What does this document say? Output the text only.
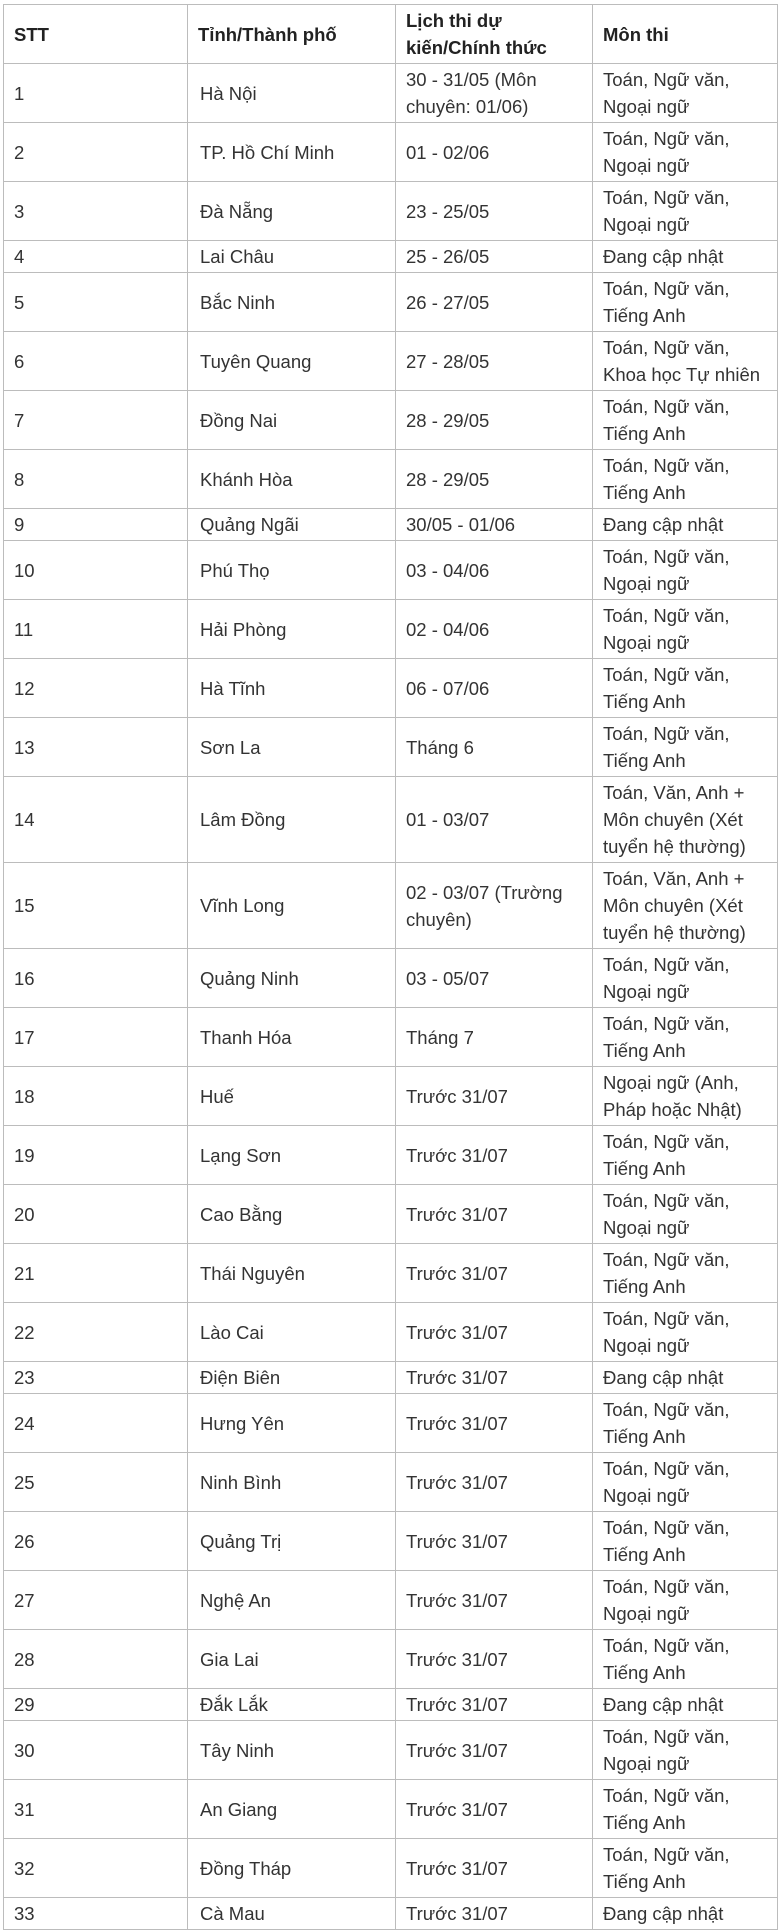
STT	Tỉnh/Thành phố	Lịch thi dự kiến/Chính thức	Môn thi
1	Hà Nội	30 - 31/05 (Môn chuyên: 01/06)	Toán, Ngữ văn, Ngoại ngữ
2	TP. Hồ Chí Minh	01 - 02/06	Toán, Ngữ văn, Ngoại ngữ
3	Đà Nẵng	23 - 25/05	Toán, Ngữ văn, Ngoại ngữ
4	Lai Châu	25 - 26/05	Đang cập nhật
5	Bắc Ninh	26 - 27/05	Toán, Ngữ văn, Tiếng Anh
6	Tuyên Quang	27 - 28/05	Toán, Ngữ văn, Khoa học Tự nhiên
7	Đồng Nai	28 - 29/05	Toán, Ngữ văn, Tiếng Anh
8	Khánh Hòa	28 - 29/05	Toán, Ngữ văn, Tiếng Anh
9	Quảng Ngãi	30/05 - 01/06	Đang cập nhật
10	Phú Thọ	03 - 04/06	Toán, Ngữ văn, Ngoại ngữ
11	Hải Phòng	02 - 04/06	Toán, Ngữ văn, Ngoại ngữ
12	Hà Tĩnh	06 - 07/06	Toán, Ngữ văn, Tiếng Anh
13	Sơn La	Tháng 6	Toán, Ngữ văn, Tiếng Anh
14	Lâm Đồng	01 - 03/07	Toán, Văn, Anh + Môn chuyên (Xét tuyển hệ thường)
15	Vĩnh Long	02 - 03/07 (Trường chuyên)	Toán, Văn, Anh + Môn chuyên (Xét tuyển hệ thường)
16	Quảng Ninh	03 - 05/07	Toán, Ngữ văn, Ngoại ngữ
17	Thanh Hóa	Tháng 7	Toán, Ngữ văn, Tiếng Anh
18	Huế	Trước 31/07	Ngoại ngữ (Anh, Pháp hoặc Nhật)
19	Lạng Sơn	Trước 31/07	Toán, Ngữ văn, Tiếng Anh
20	Cao Bằng	Trước 31/07	Toán, Ngữ văn, Ngoại ngữ
21	Thái Nguyên	Trước 31/07	Toán, Ngữ văn, Tiếng Anh
22	Lào Cai	Trước 31/07	Toán, Ngữ văn, Ngoại ngữ
23	Điện Biên	Trước 31/07	Đang cập nhật
24	Hưng Yên	Trước 31/07	Toán, Ngữ văn, Tiếng Anh
25	Ninh Bình	Trước 31/07	Toán, Ngữ văn, Ngoại ngữ
26	Quảng Trị	Trước 31/07	Toán, Ngữ văn, Tiếng Anh
27	Nghệ An	Trước 31/07	Toán, Ngữ văn, Ngoại ngữ
28	Gia Lai	Trước 31/07	Toán, Ngữ văn, Tiếng Anh
29	Đắk Lắk	Trước 31/07	Đang cập nhật
30	Tây Ninh	Trước 31/07	Toán, Ngữ văn, Ngoại ngữ
31	An Giang	Trước 31/07	Toán, Ngữ văn, Tiếng Anh
32	Đồng Tháp	Trước 31/07	Toán, Ngữ văn, Tiếng Anh
33	Cà Mau	Trước 31/07	Đang cập nhật
